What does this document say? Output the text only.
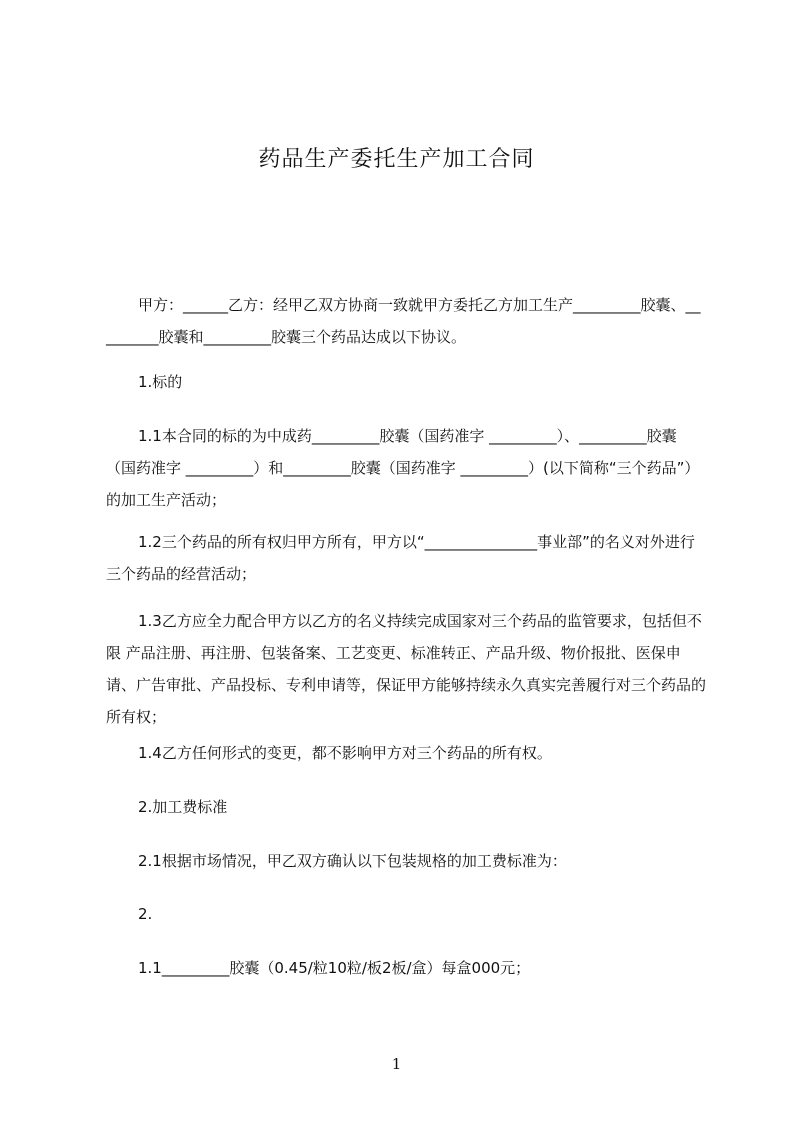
药品生产委托生产加工合同

甲方：______乙方：经甲乙双方协商一致就甲方委托乙方加工生产_________胶囊、_________胶囊和_________胶囊三个药品达成以下协议。

1.标的

1.1本合同的标的为中成药_________胶囊（国药准字 _________）、_________胶囊（国药准字 _________）和_________胶囊（国药准字 _________）(以下简称“三个药品”）的加工生产活动；

1.2三个药品的所有权归甲方所有，甲方以“_______________事业部”的名义对外进行三个药品的经营活动；

1.3乙方应全力配合甲方以乙方的名义持续完成国家对三个药品的监管要求，包括但不限 产品注册、再注册、包装备案、工艺变更、标准转正、产品升级、物价报批、医保申请、广告审批、产品投标、专利申请等，保证甲方能够持续永久真实完善履行对三个药品的所有权；

1.4乙方任何形式的变更，都不影响甲方对三个药品的所有权。

2.加工费标准

2.1根据市场情况，甲乙双方确认以下包装规格的加工费标准为：

2.

1.1_________胶囊（0.45/粒10粒/板2板/盒）每盒000元；

1
